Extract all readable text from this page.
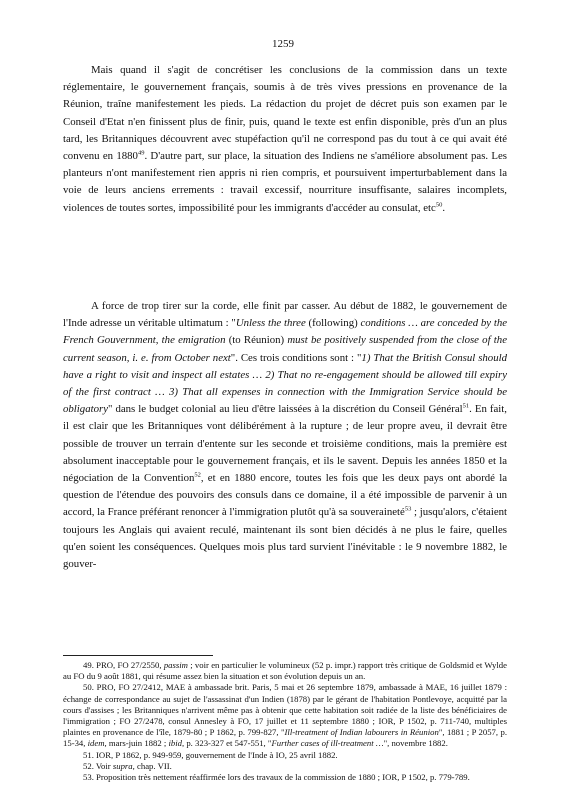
1259

Mais quand il s'agit de concrétiser les conclusions de la commission dans un texte réglementaire, le gouvernement français, soumis à de très vives pressions en provenance de la Réunion, traîne manifestement les pieds. La rédaction du projet de décret puis son examen par le Conseil d'Etat n'en finissent plus de finir, puis, quand le texte est enfin disponible, près d'un an plus tard, les Britanniques découvrent avec stupéfaction qu'il ne correspond pas du tout à ce qui avait été convenu en 1880$^{49}$. D'autre part, sur place, la situation des Indiens ne s'améliore absolument pas. Les planteurs n'ont manifestement rien appris ni rien compris, et poursuivent imperturbablement dans la voie de leurs anciens errements : travail excessif, nourriture insuffisante, salaires incomplets, violences de toutes sortes, impossibilité pour les immigrants d'accéder au consulat, etc$^{50}$.

A force de trop tirer sur la corde, elle finit par casser. Au début de 1882, le gouvernement de l'Inde adresse un véritable ultimatum : "Unless the three (following) conditions … are conceded by the French Gouvernment, the emigration (to Réunion) must be positively suspended from the close of the current season, i. e. from October next". Ces trois conditions sont : "1) That the British Consul should have a right to visit and inspect all estates … 2) That no re-engagement should be allowed till expiry of the first contract … 3) That all expenses in connection with the Immigration Service should be obligatory" dans le budget colonial au lieu d'être laissées à la discrétion du Conseil Général$^{51}$. En fait, il est clair que les Britanniques vont délibérément à la rupture ; de leur propre aveu, il devrait être possible de trouver un terrain d'entente sur les seconde et troisième conditions, mais la première est absolument inacceptable pour le gouvernement français, et ils le savent. Depuis les années 1850 et la négociation de la Convention$^{52}$, et en 1880 encore, toutes les fois que les deux pays ont abordé la question de l'étendue des pouvoirs des consuls dans ce domaine, il a été impossible de parvenir à un accord, la France préférant renoncer à l'immigration plutôt qu'à sa souveraineté$^{53}$ ; jusqu'alors, c'étaient toujours les Anglais qui avaient reculé, maintenant ils sont bien décidés à ne plus le faire, quelles qu'en soient les conséquences. Quelques mois plus tard survient l'inévitable : le 9 novembre 1882, le gouver-

49. PRO, FO 27/2550, passim ; voir en particulier le volumineux (52 p. impr.) rapport très critique de Goldsmid et Wylde au FO du 9 août 1881, qui résume assez bien la situation et son évolution depuis un an.

50. PRO, FO 27/2412, MAE à ambassade brit. Paris, 5 mai et 26 septembre 1879, ambassade à MAE, 16 juillet 1879 : échange de correspondance au sujet de l'assassinat d'un Indien (1878) par le gérant de l'habitation Pontlevoye, acquitté par la cours d'assises ; les Britanniques n'arrivent même pas à obtenir que cette habitation soit radiée de la liste des bénéficiaires de l'immigration ; FO 27/2478, consul Annesley à FO, 17 juillet et 11 septembre 1880 ; IOR, P 1502, p. 711-740, multiples plaintes en provenance de l'île, 1879-80 ; P 1862, p. 799-827, "Ill-treatment of Indian labourers in Réunion", 1881 ; P 2057, p. 15-34, idem, mars-juin 1882 ; ibid, p. 323-327 et 547-551, "Further cases of ill-treatment …", novembre 1882.

51. IOR, P 1862, p. 949-959, gouvernement de l'Inde à IO, 25 avril 1882.

52. Voir supra, chap. VII.

53. Proposition très nettement réaffirmée lors des travaux de la commission de 1880 ; IOR, P 1502, p. 779-789.
